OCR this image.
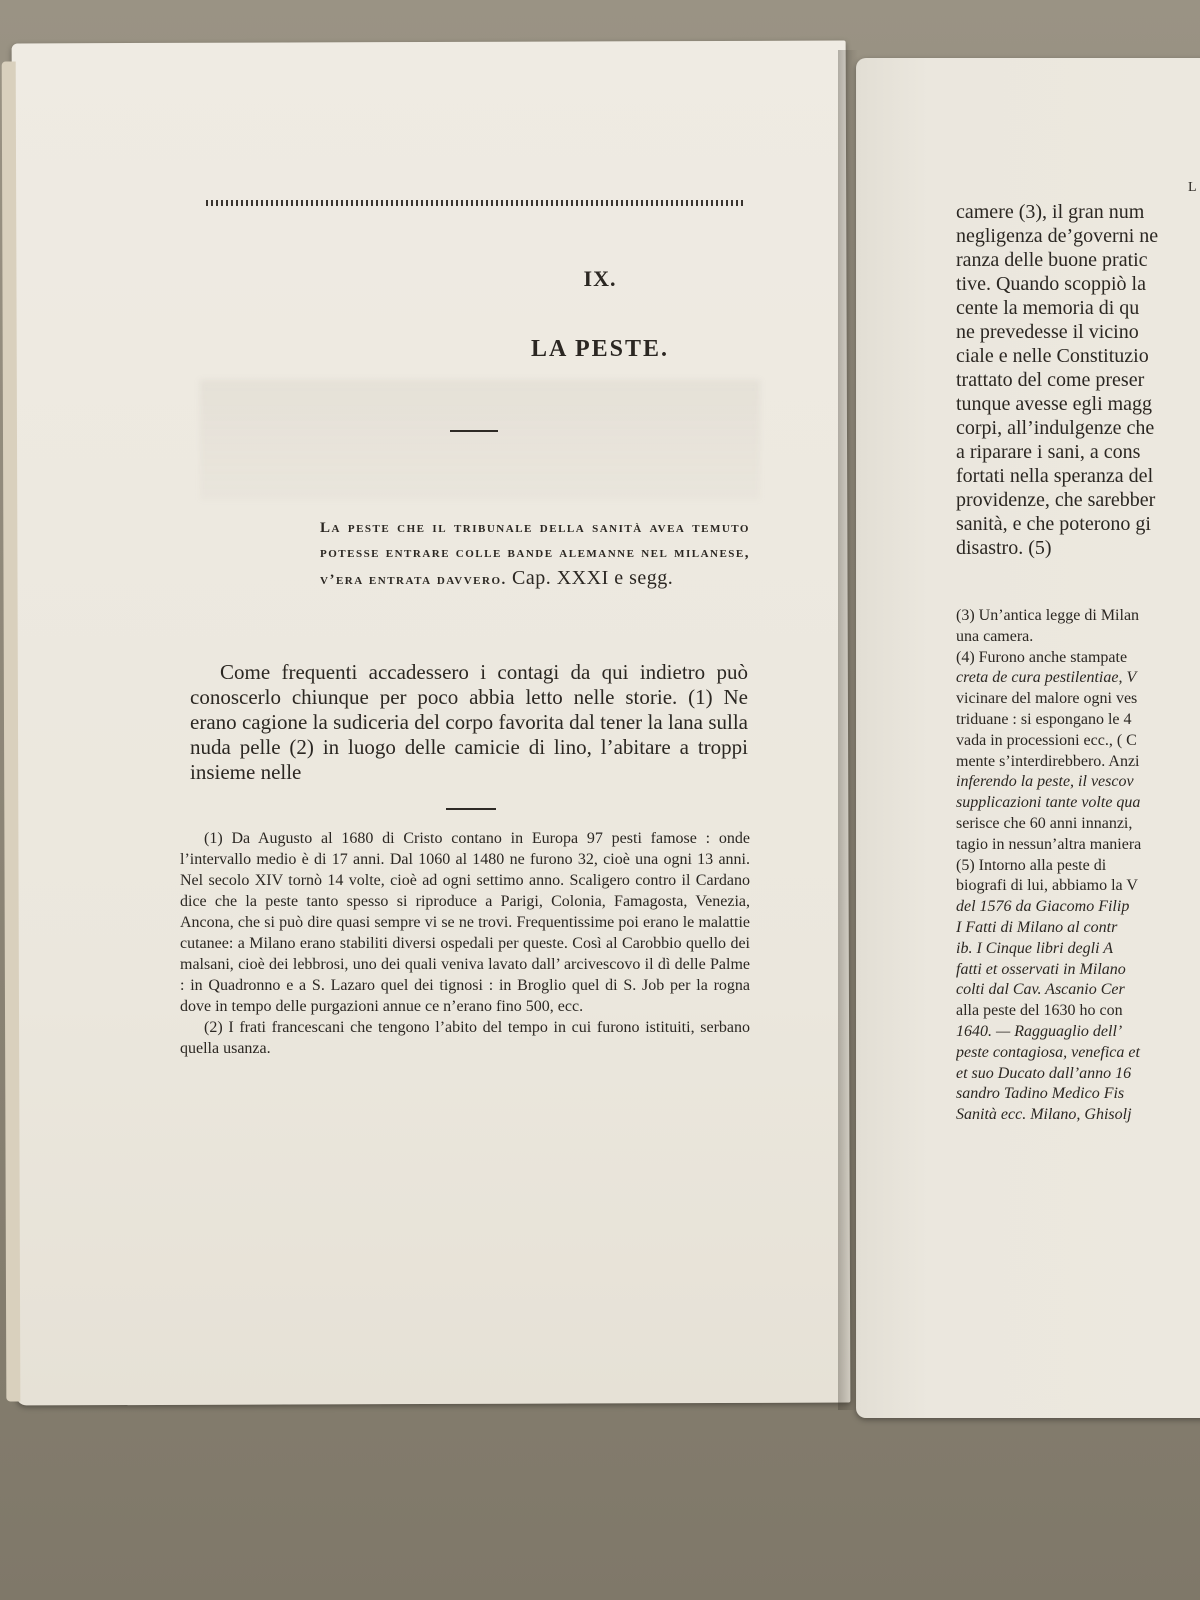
IX.
LA PESTE.
La peste che il tribunale della sanità avea temuto potesse entrare colle bande alemanne nel milanese, v’era entrata davvero. Cap. XXXI e segg.

Come frequenti accadessero i contagi da qui indietro può conoscerlo chiunque per poco abbia letto nelle storie. (1) Ne erano cagione la sudiceria del corpo favorita dal tener la lana sulla nuda pelle (2) in luogo delle camicie di lino, l’abitare a troppi insieme nelle

(1) Da Augusto al 1680 di Cristo contano in Europa 97 pesti famose : onde l’intervallo medio è di 17 anni. Dal 1060 al 1480 ne furono 32, cioè una ogni 13 anni. Nel secolo XIV tornò 14 volte, cioè ad ogni settimo anno. Scaligero contro il Cardano dice che la peste tanto spesso si riproduce a Parigi, Colonia, Famagosta, Venezia, Ancona, che si può dire quasi sempre vi se ne trovi. Frequentissime poi erano le malattie cutanee: a Milano erano stabiliti diversi ospedali per queste. Così al Carobbio quello dei malsani, cioè dei lebbrosi, uno dei quali veniva lavato dall’ arcivescovo il dì delle Palme : in Quadronno e a S. Lazaro quel dei tignosi : in Broglio quel di S. Job per la rogna dove in tempo delle purgazioni annue ce n’erano fino 500, ecc.

(2) I frati francescani che tengono l’abito del tempo in cui furono istituiti, serbano quella usanza.

L
camere (3), il gran num
negligenza de’governi ne
ranza delle buone pratic
tive. Quando scoppiò la
cente la memoria di qu
ne prevedesse il vicino
ciale e nelle Constituzio
trattato del come preser
tunque avesse egli magg
corpi, all’indulgenze che
a riparare i sani, a cons
fortati nella speranza del
providenze, che sarebber
sanità, e che poterono gi
disastro. (5)
(3) Un’antica legge di Milan
una camera.
(4) Furono anche stampate
creta de cura pestilentiae, V
vicinare del malore ogni ves
triduane : si espongano le 4
vada in processioni ecc., ( C
mente s’interdirebbero. Anzi
inferendo la peste, il vescov
supplicazioni tante volte qua
serisce che 60 anni innanzi,
tagio in nessun’altra maniera
(5) Intorno alla peste di
biografi di lui, abbiamo la V
del 1576 da Giacomo Filip
I Fatti di Milano al contr
ib. I Cinque libri degli A
fatti et osservati in Milano
colti dal Cav. Ascanio Cer
alla peste del 1630 ho con
1640. — Ragguaglio dell’
peste contagiosa, venefica et
et suo Ducato dall’anno 16
sandro Tadino Medico Fis
Sanità ecc. Milano, Ghisolj
